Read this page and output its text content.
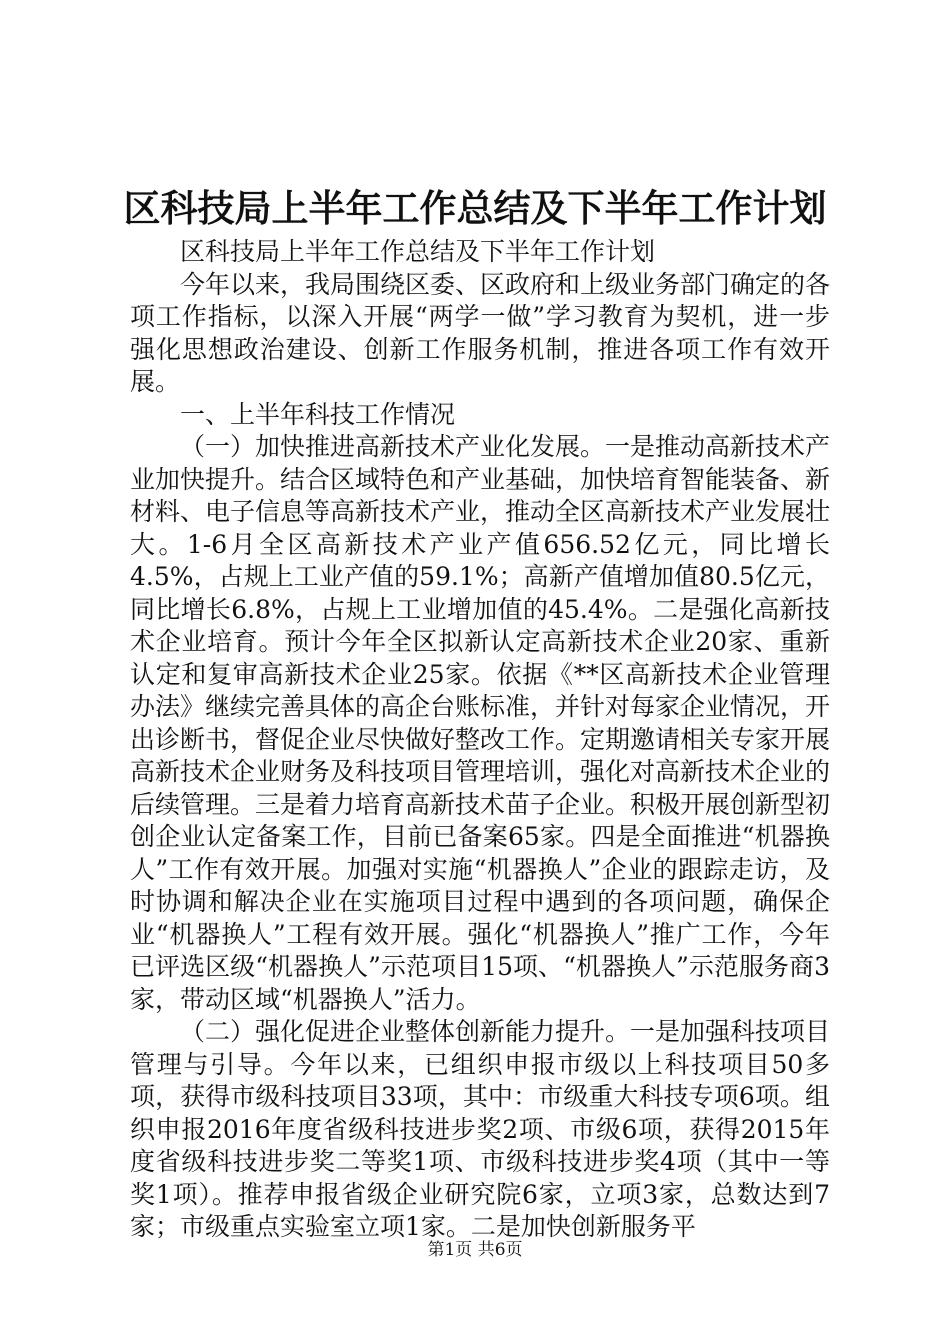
区科技局上半年工作总结及下半年工作计划

区科技局上半年工作总结及下半年工作计划

今年以来，我局围绕区委、区政府和上级业务部门确定的各项工作指标，以深入开展“两学一做”学习教育为契机，进一步强化思想政治建设、创新工作服务机制，推进各项工作有效开展。

一、上半年科技工作情况

（一）加快推进高新技术产业化发展。一是推动高新技术产业加快提升。结合区域特色和产业基础，加快培育智能装备、新材料、电子信息等高新技术产业，推动全区高新技术产业发展壮大。1-6月全区高新技术产业产值656.52亿元，同比增长4.5%，占规上工业产值的59.1%；高新产值增加值80.5亿元，同比增长6.8%，占规上工业增加值的45.4%。二是强化高新技术企业培育。预计今年全区拟新认定高新技术企业20家、重新认定和复审高新技术企业25家。依据《**区高新技术企业管理办法》继续完善具体的高企台账标准，并针对每家企业情况，开出诊断书，督促企业尽快做好整改工作。定期邀请相关专家开展高新技术企业财务及科技项目管理培训，强化对高新技术企业的后续管理。三是着力培育高新技术苗子企业。积极开展创新型初创企业认定备案工作，目前已备案65家。四是全面推进“机器换人”工作有效开展。加强对实施“机器换人”企业的跟踪走访，及时协调和解决企业在实施项目过程中遇到的各项问题，确保企业“机器换人”工程有效开展。强化“机器换人”推广工作，今年已评选区级“机器换人”示范项目15项、“机器换人”示范服务商3家，带动区域“机器换人”活力。

（二）强化促进企业整体创新能力提升。一是加强科技项目管理与引导。今年以来，已组织申报市级以上科技项目50多项，获得市级科技项目33项，其中：市级重大科技专项6项。组织申报2016年度省级科技进步奖2项、市级6项，获得2015年度省级科技进步奖二等奖1项、市级科技进步奖4项（其中一等奖1项）。推荐申报省级企业研究院6家，立项3家，总数达到7家；市级重点实验室立项1家。二是加快创新服务平

第1页 共6页
